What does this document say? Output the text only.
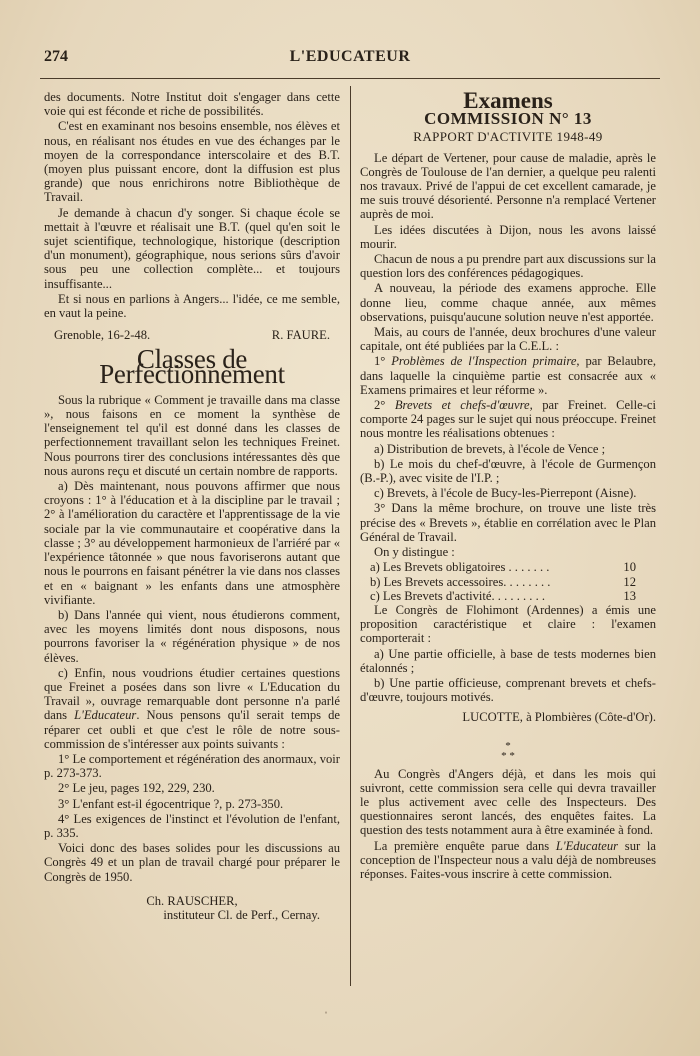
274	L'EDUCATEUR

des documents. Notre Institut doit s'engager dans cette voie qui est féconde et riche de possibilités.

C'est en examinant nos besoins ensemble, nos élèves et nous, en réalisant nos études en vue des échanges par le moyen de la correspondance interscolaire et des B.T. (moyen plus puissant encore, dont la diffusion est plus grande) que nous enrichirons notre Bibliothèque de Travail.

Je demande à chacun d'y songer. Si chaque école se mettait à l'œuvre et réalisait une B.T. (quel qu'en soit le sujet scientifique, technologique, historique (description d'un monument), géographique, nous serions sûrs d'avoir sous peu une collection complète... et toujours insuffisante...

Et si nous en parlions à Angers... l'idée, ce me semble, en vaut la peine.

Grenoble, 16-2-48.	R. FAURE.
Classes de Perfectionnement

Sous la rubrique « Comment je travaille dans ma classe », nous faisons en ce moment la synthèse de l'enseignement tel qu'il est donné dans les classes de perfectionnement travaillant selon les techniques Freinet. Nous pourrons tirer des conclusions intéressantes dès que nous aurons reçu et discuté un certain nombre de rapports.

a) Dès maintenant, nous pouvons affirmer que nous croyons : 1° à l'éducation et à la discipline par le travail ; 2° à l'amélioration du caractère et l'apprentissage de la vie sociale par la vie communautaire et coopérative dans la classe ; 3° au développement harmonieux de l'arriéré par « l'expérience tâtonnée » que nous favoriserons autant que nous le pourrons en faisant pénétrer la vie dans nos classes et en « baignant » les enfants dans une atmosphère vivifiante.

b) Dans l'année qui vient, nous étudierons comment, avec les moyens limités dont nous disposons, nous pourrons favoriser la « régénération physique » de nos élèves.

c) Enfin, nous voudrions étudier certaines questions que Freinet a posées dans son livre « L'Education du Travail », ouvrage remarquable dont personne n'a parlé dans L'Educateur. Nous pensons qu'il serait temps de réparer cet oubli et que c'est le rôle de notre sous-commission de s'intéresser aux points suivants :

1° Le comportement et régénération des anormaux, voir p. 273-373.

2° Le jeu, pages 192, 229, 230.

3° L'enfant est-il égocentrique ?, p. 273-350.

4° Les exigences de l'instinct et l'évolution de l'enfant, p. 335.

Voici donc des bases solides pour les discussions au Congrès 49 et un plan de travail chargé pour préparer le Congrès de 1950.

Ch. RAUSCHER,
instituteur Cl. de Perf., Cernay.
Examens
COMMISSION N° 13
RAPPORT D'ACTIVITE 1948-49

Le départ de Vertener, pour cause de maladie, après le Congrès de Toulouse de l'an dernier, a quelque peu ralenti nos travaux. Privé de l'appui de cet excellent camarade, je me suis trouvé désorienté. Personne n'a remplacé Vertener auprès de moi.

Les idées discutées à Dijon, nous les avons laissé mourir.

Chacun de nous a pu prendre part aux discussions sur la question lors des conférences pédagogiques.

A nouveau, la période des examens approche. Elle donne lieu, comme chaque année, aux mêmes observations, puisqu'aucune solution neuve n'est apportée.

Mais, au cours de l'année, deux brochures d'une valeur capitale, ont été publiées par la C.E.L. :

1° Problèmes de l'Inspection primaire, par Belaubre, dans laquelle la cinquième partie est consacrée aux « Examens primaires et leur réforme ».

2° Brevets et chefs-d'œuvre, par Freinet. Celle-ci comporte 24 pages sur le sujet qui nous préoccupe. Freinet nous montre les réalisations obtenues :

a) Distribution de brevets, à l'école de Vence ;

b) Le mois du chef-d'œuvre, à l'école de Gurmençon (B.-P.), avec visite de l'I.P. ;

c) Brevets, à l'école de Bucy-les-Pierrepont (Aisne).

3° Dans la même brochure, on trouve une liste très précise des « Brevets », établie en corrélation avec le Plan Général de Travail.

On y distingue :

a) Les Brevets obligatoires . . . . . . .	10
b) Les Brevets accessoires. . . . . . . .	12
c) Les Brevets d'activité. . . . . . . . .	13

Le Congrès de Flohimont (Ardennes) a émis une proposition caractéristique et claire : l'examen comporterait :

a) Une partie officielle, à base de tests modernes bien étalonnés ;

b) Une partie officieuse, comprenant brevets et chefs-d'œuvre, toujours motivés.

LUCOTTE, à Plombières (Côte-d'Or).
*
* *

Au Congrès d'Angers déjà, et dans les mois qui suivront, cette commission sera celle qui devra travailler le plus activement avec celle des Inspecteurs. Des questionnaires seront lancés, des enquêtes faites. La question des tests notamment aura à être examinée à fond.

La première enquête parue dans L'Educateur sur la conception de l'Inspecteur nous a valu déjà de nombreuses réponses. Faites-vous inscrire à cette commission.

ˌ
